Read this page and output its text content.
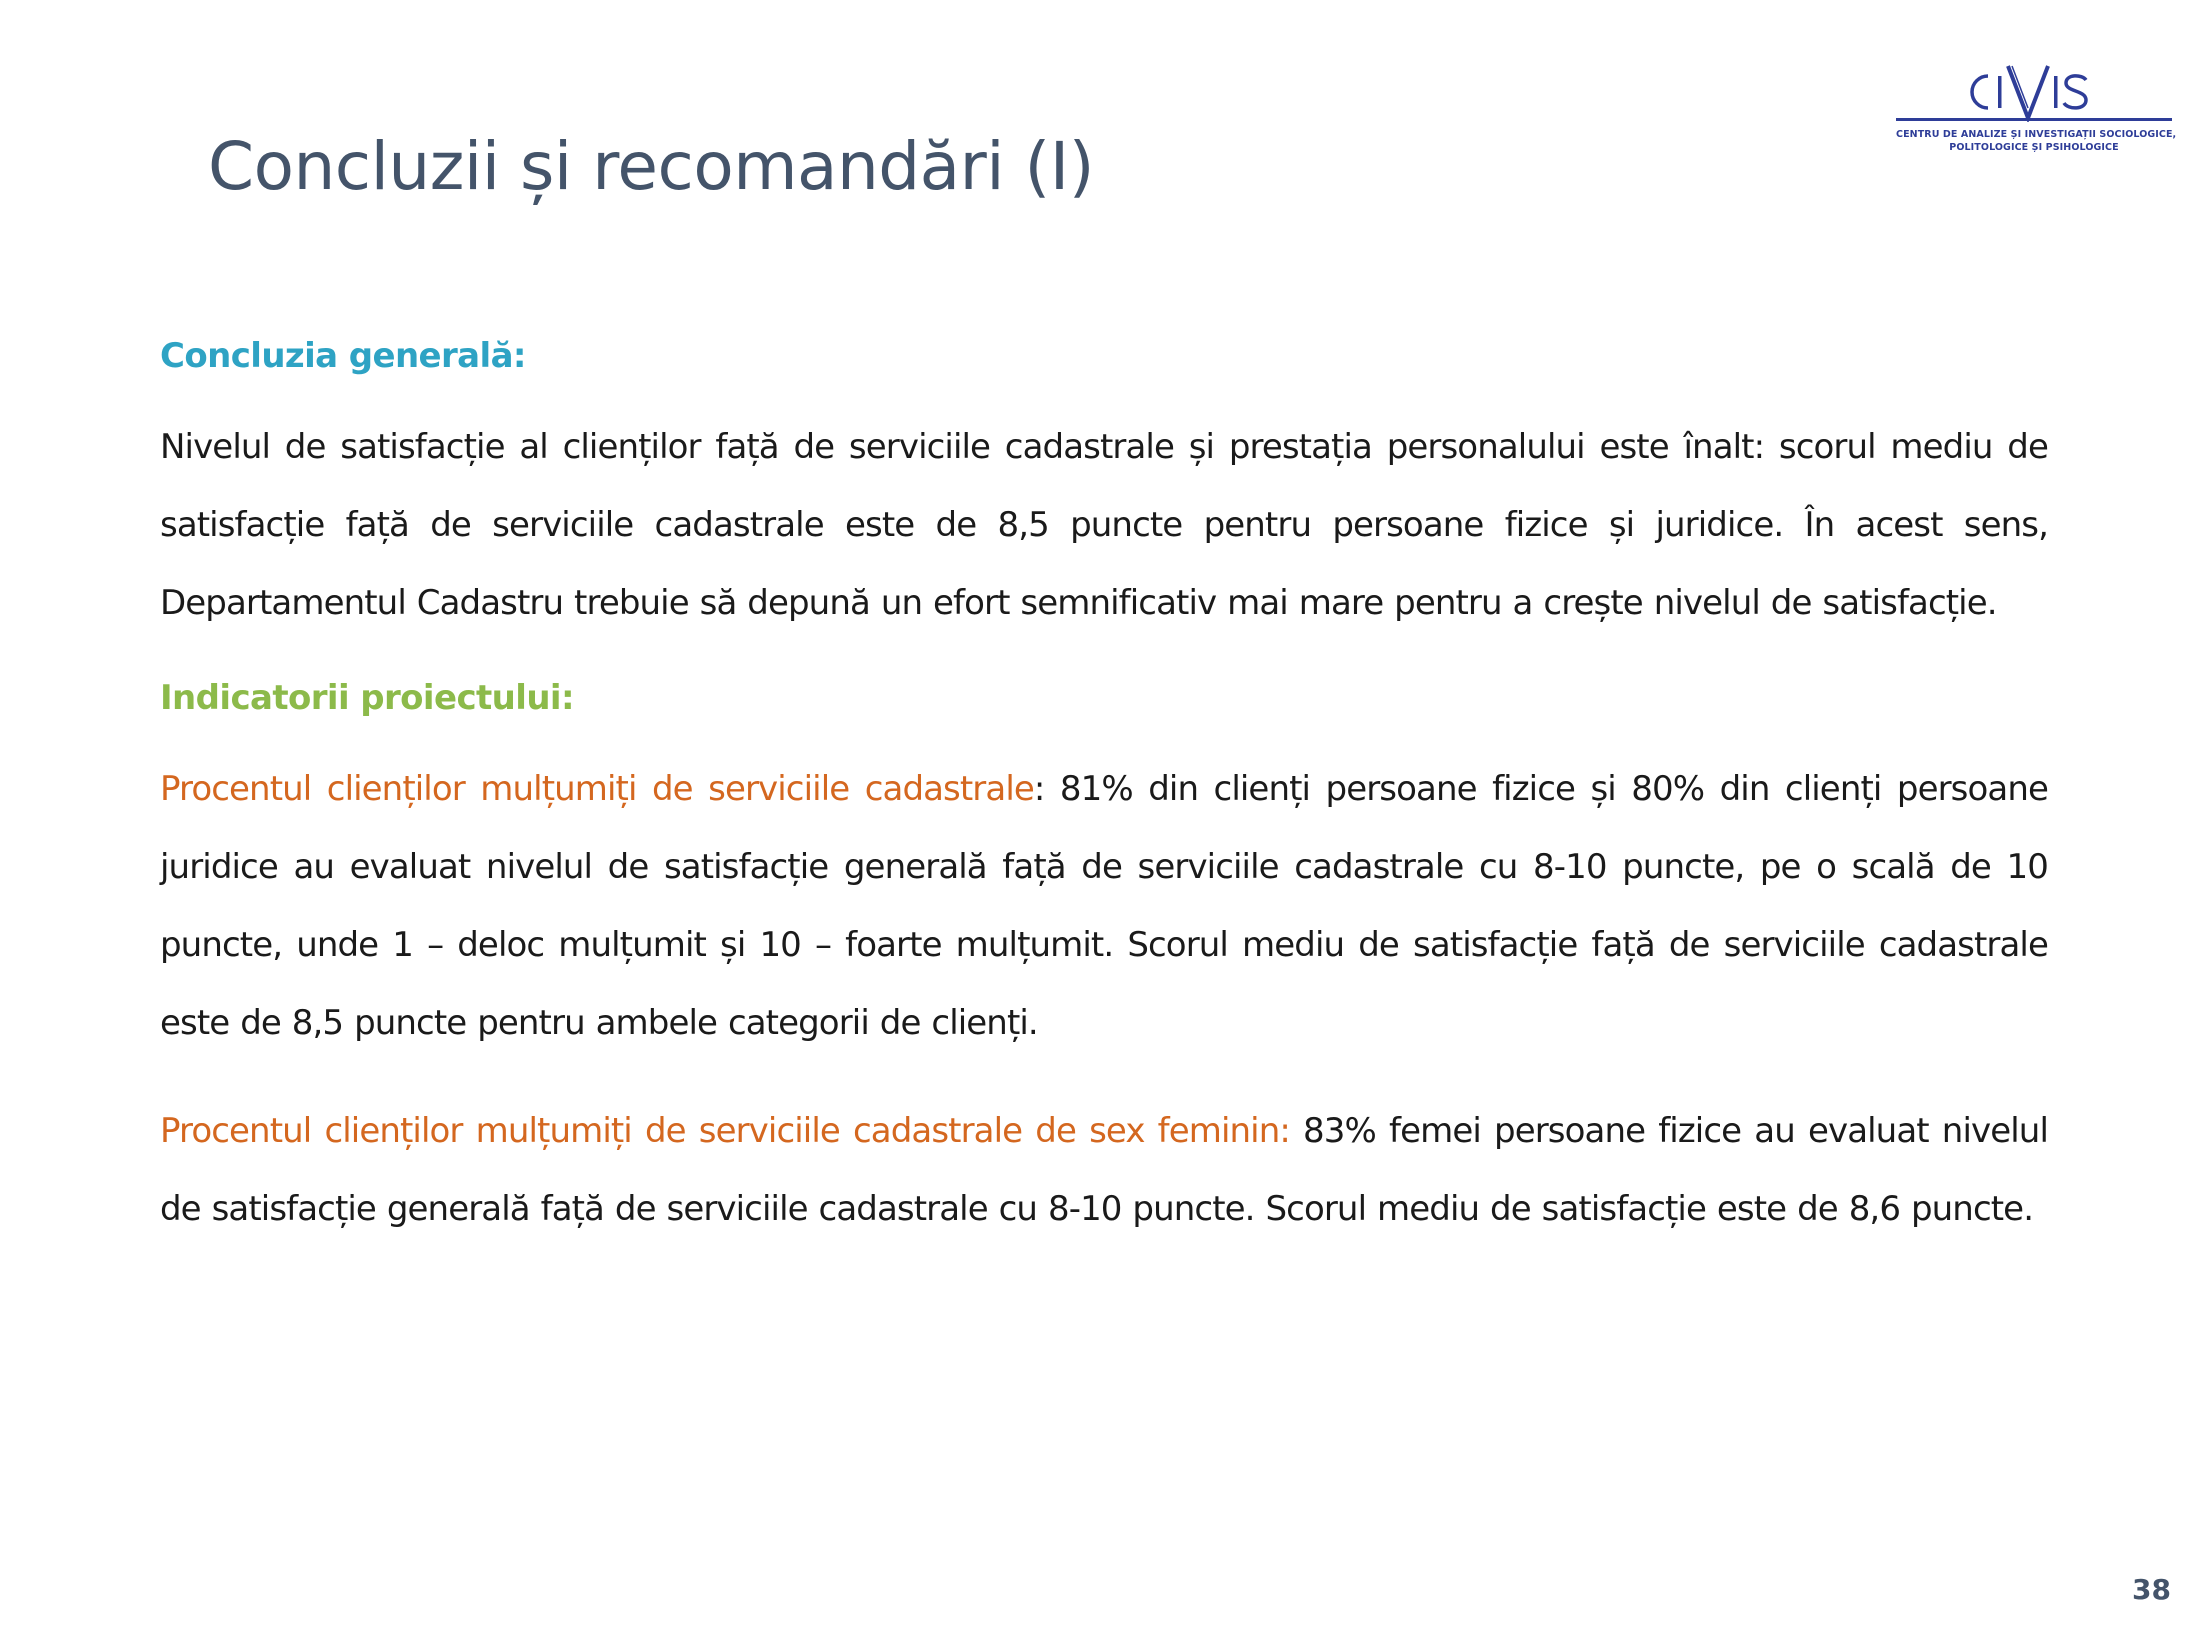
Concluzii și recomandări (I)	CENTRU DE ANALIZE ȘI INVESTIGAȚII SOCIOLOGICE,
POLITOLOGICE ȘI PSIHOLOGICE
Concluzia generală:

Nivelul de satisfacție al clienților față de serviciile cadastrale și prestația personalului este înalt: scorul mediu de satisfacție față de serviciile cadastrale este de 8,5 puncte pentru persoane fizice și juridice. În acest sens, Departamentul Cadastru trebuie să depună un efort semnificativ mai mare pentru a crește nivelul de satisfacție.

Indicatorii proiectului:

Procentul clienților mulțumiți de serviciile cadastrale: 81% din clienți persoane fizice și 80% din clienți persoane juridice au evaluat nivelul de satisfacție generală față de serviciile cadastrale cu 8-10 puncte, pe o scală de 10 puncte, unde 1 – deloc mulțumit și 10 – foarte mulțumit. Scorul mediu de satisfacție față de serviciile cadastrale este de 8,5 puncte pentru ambele categorii de clienți.

Procentul clienților mulțumiți de serviciile cadastrale de sex feminin: 83% femei persoane fizice au evaluat nivelul de satisfacție generală față de serviciile cadastrale cu 8-10 puncte. Scorul mediu de satisfacție este de 8,6 puncte.

38
